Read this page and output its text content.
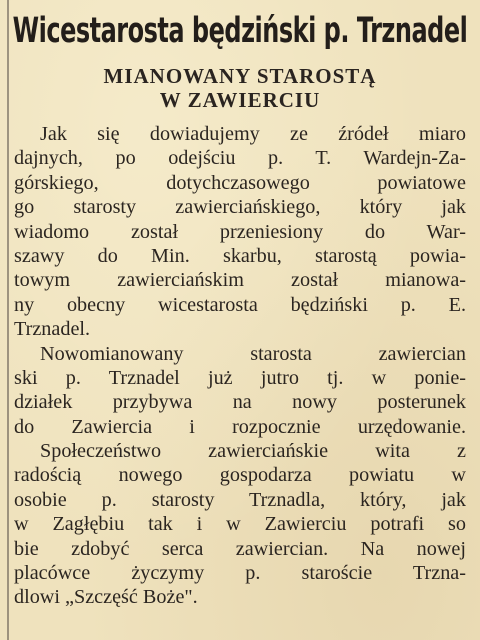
Wicestarosta będziński p. Trznadel
MIANOWANY STAROSTĄ
W ZAWIERCIU
Jak się dowiadujemy ze źródeł miaro
dajnych, po odejściu p. T. Wardejn-Za-
górskiego, dotychczasowego powiatowe
go starosty zawierciańskiego, który jak
wiadomo został przeniesiony do War-
szawy do Min. skarbu, starostą powia-
towym zawierciańskim został mianowa-
ny obecny wicestarosta będziński p. E.
Trznadel.
Nowomianowany starosta zawiercian
ski p. Trznadel już jutro tj. w ponie-
działek przybywa na nowy posterunek
do Zawiercia i rozpocznie urzędowanie.
Społeczeństwo zawierciańskie wita z
radością nowego gospodarza powiatu w
osobie p. starosty Trznadla, który, jak
w Zagłębiu tak i w Zawierciu potrafi so
bie zdobyć serca zawiercian. Na nowej
placówce życzymy p. staroście Trzna-
dlowi „Szczęść Boże".
